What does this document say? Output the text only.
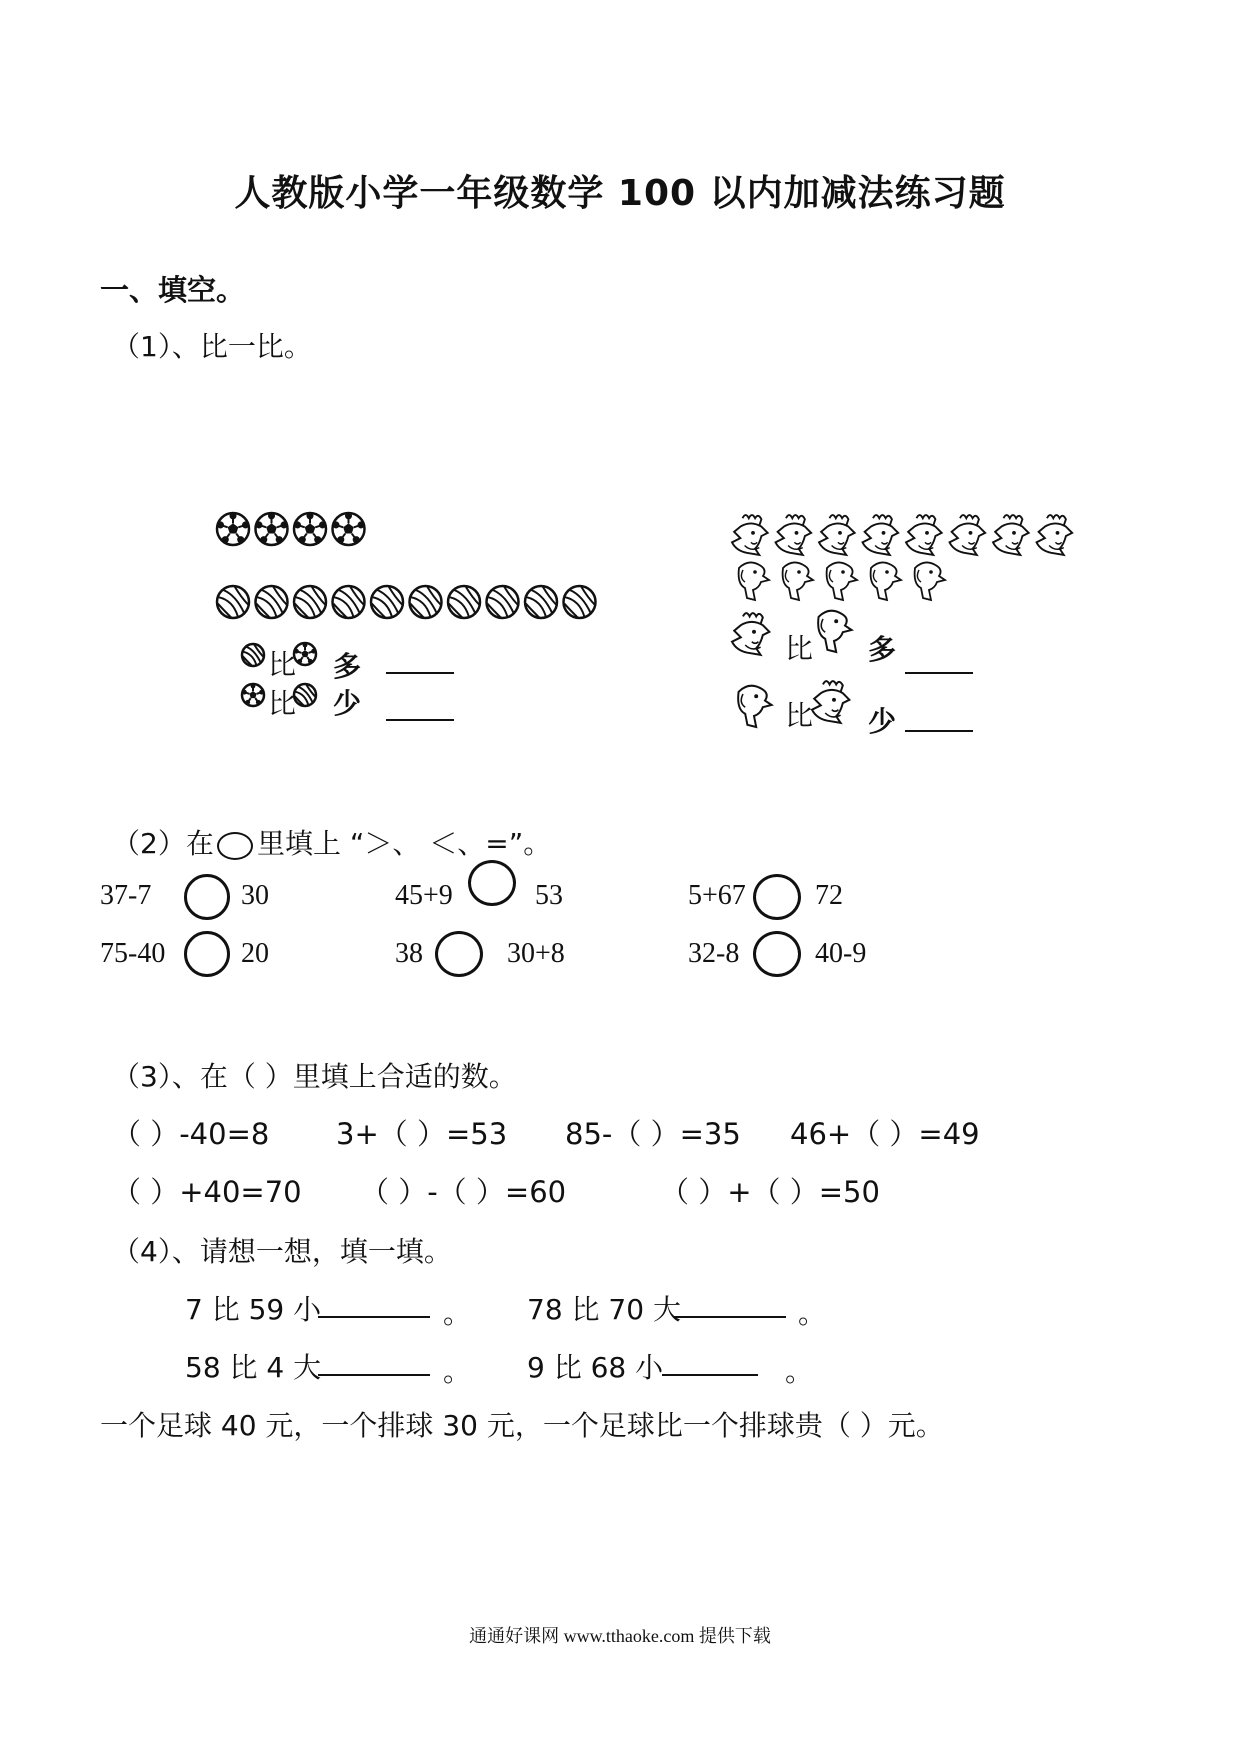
人教版小学一年级数学 100 以内加减法练习题
一、填空。
（1）、比一比。
比 多
比 少
比 多
比 少
（2）在 里填上 “＞、 ＜、=”。
37-7	30	45+9	53	5+67 72
75-40	20	38	30+8	32-8	40-9
（3）、在（ ）里填上合适的数。
（ ）-40=8 3+（ ）=53 85-（ ）=35 46+（ ）=49
（ ）+40=70 （ ）-（ ）=60	（ ）+（ ）=50
（4）、请想一想，填一填。
7 比 59 小	。 78 比 70 大	。
58 比 4 大	。 9 比 68 小	。
一个足球 40 元，一个排球 30 元，一个足球比一个排球贵（ ）元。
通通好课网 www.tthaoke.com 提供下载
